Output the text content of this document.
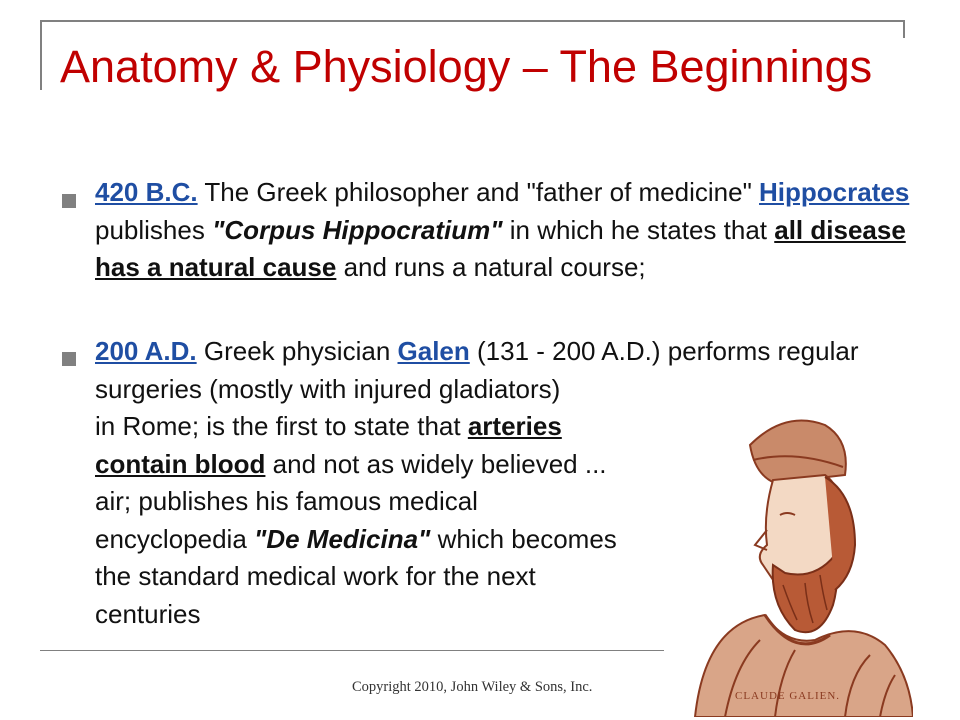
Anatomy & Physiology – The Beginnings
420 B.C. The Greek philosopher and "father of medicine" Hippocrates publishes "Corpus Hippocratium" in which he states that all disease has a natural cause and runs a natural course;
200 A.D. Greek physician Galen (131 - 200 A.D.) performs regular surgeries (mostly with injured gladiators)
in Rome; is the first to state that arteries contain blood and not as widely believed ... air; publishes his famous medical encyclopedia "De Medicina" which becomes the standard medical work for the next centuries
CLAUDE GALIEN.
Copyright 2010, John Wiley & Sons, Inc.
